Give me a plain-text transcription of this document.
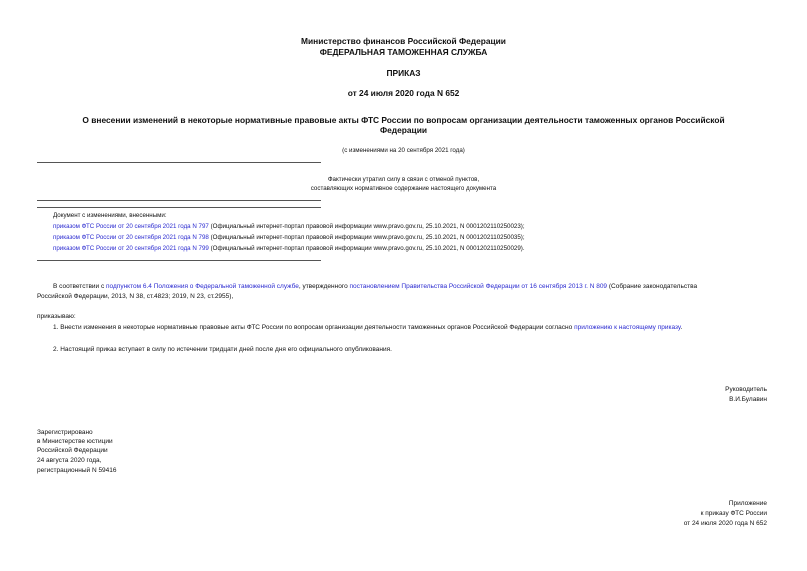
Министерство финансов Российской Федерации
ФЕДЕРАЛЬНАЯ ТАМОЖЕННАЯ СЛУЖБА
ПРИКАЗ
от 24 июля 2020 года N 652
О внесении изменений в некоторые нормативные правовые акты ФТС России по вопросам организации деятельности таможенных органов Российской
Федерации
(с изменениями на 20 сентября 2021 года)
Фактически утратил силу в связи с отменой пунктов,
составляющих нормативное содержание настоящего документа
Документ с изменениями, внесенными:
приказом ФТС России от 20 сентября 2021 года N 797 (Официальный интернет-портал правовой информации www.pravo.gov.ru, 25.10.2021, N 0001202110250023);
приказом ФТС России от 20 сентября 2021 года N 798 (Официальный интернет-портал правовой информации www.pravo.gov.ru, 25.10.2021, N 0001202110250035);
приказом ФТС России от 20 сентября 2021 года N 799 (Официальный интернет-портал правовой информации www.pravo.gov.ru, 25.10.2021, N 0001202110250029).
В соответствии с подпунктом 6.4 Положения о Федеральной таможенной службе, утвержденного постановлением Правительства Российской Федерации от 16 сентября 2013 г. N 809 (Собрание законодательства
Российской Федерации, 2013, N 38, ст.4823; 2019, N 23, ст.2955),
приказываю:
1. Внести изменения в некоторые нормативные правовые акты ФТС России по вопросам организации деятельности таможенных органов Российской Федерации согласно приложению к настоящему приказу.
2. Настоящий приказ вступает в силу по истечении тридцати дней после дня его официального опубликования.
Руководитель
В.И.Булавин
Зарегистрировано
в Министерстве юстиции
Российской Федерации
24 августа 2020 года,
регистрационный N 59416
Приложение
к приказу ФТС России
от 24 июля 2020 года N 652
